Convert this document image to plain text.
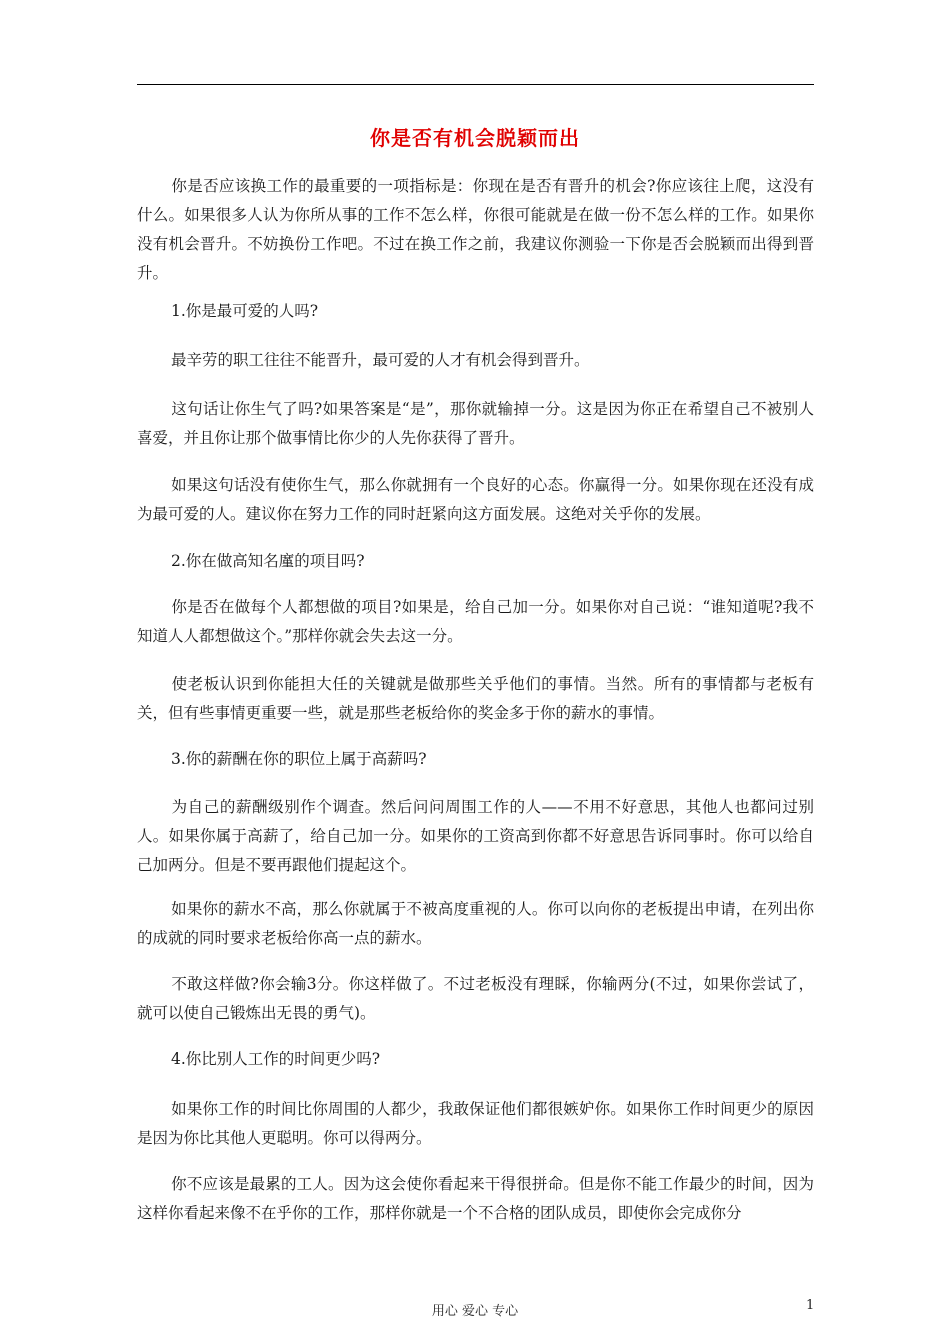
你是否有机会脱颖而出

你是否应该换工作的最重要的一项指标是：你现在是否有晋升的机会?你应该往上爬，这没有什么。如果很多人认为你所从事的工作不怎么样，你很可能就是在做一份不怎么样的工作。如果你没有机会晋升。不妨换份工作吧。不过在换工作之前，我建议你测验一下你是否会脱颖而出得到晋升。

1.你是最可爱的人吗?

最辛劳的职工往往不能晋升，最可爱的人才有机会得到晋升。

这句话让你生气了吗?如果答案是“是”，那你就输掉一分。这是因为你正在希望自己不被别人喜爱，并且你让那个做事情比你少的人先你获得了晋升。

如果这句话没有使你生气，那么你就拥有一个良好的心态。你赢得一分。如果你现在还没有成为最可爱的人。建议你在努力工作的同时赶紧向这方面发展。这绝对关乎你的发展。

2.你在做高知名廑的项目吗?

你是否在做每个人都想做的项目?如果是，给自己加一分。如果你对自己说：“谁知道呢?我不知道人人都想做这个。”那样你就会失去这一分。

使老板认识到你能担大任的关键就是做那些关乎他们的事情。当然。所有的事情都与老板有关，但有些事情更重要一些，就是那些老板给你的奖金多于你的薪水的事情。

3.你的薪酬在你的职位上属于高薪吗?

为自己的薪酬级别作个调查。然后问问周围工作的人——不用不好意思，其他人也都问过别人。如果你属于高薪了，给自己加一分。如果你的工资高到你都不好意思告诉同事时。你可以给自己加两分。但是不要再跟他们提起这个。

如果你的薪水不高，那么你就属于不被高度重视的人。你可以向你的老板提出申请，在列出你的成就的同时要求老板给你高一点的薪水。

不敢这样做?你会输3分。你这样做了。不过老板没有理睬，你输两分(不过，如果你尝试了，就可以使自己锻炼出无畏的勇气)。

4.你比别人工作的时间更少吗?

如果你工作的时间比你周围的人都少，我敢保证他们都很嫉妒你。如果你工作时间更少的原因是因为你比其他人更聪明。你可以得两分。

你不应该是最累的工人。因为这会使你看起来干得很拼命。但是你不能工作最少的时间，因为这样你看起来像不在乎你的工作，那样你就是一个不合格的团队成员，即使你会完成你分

用心 爱心 专心	1
